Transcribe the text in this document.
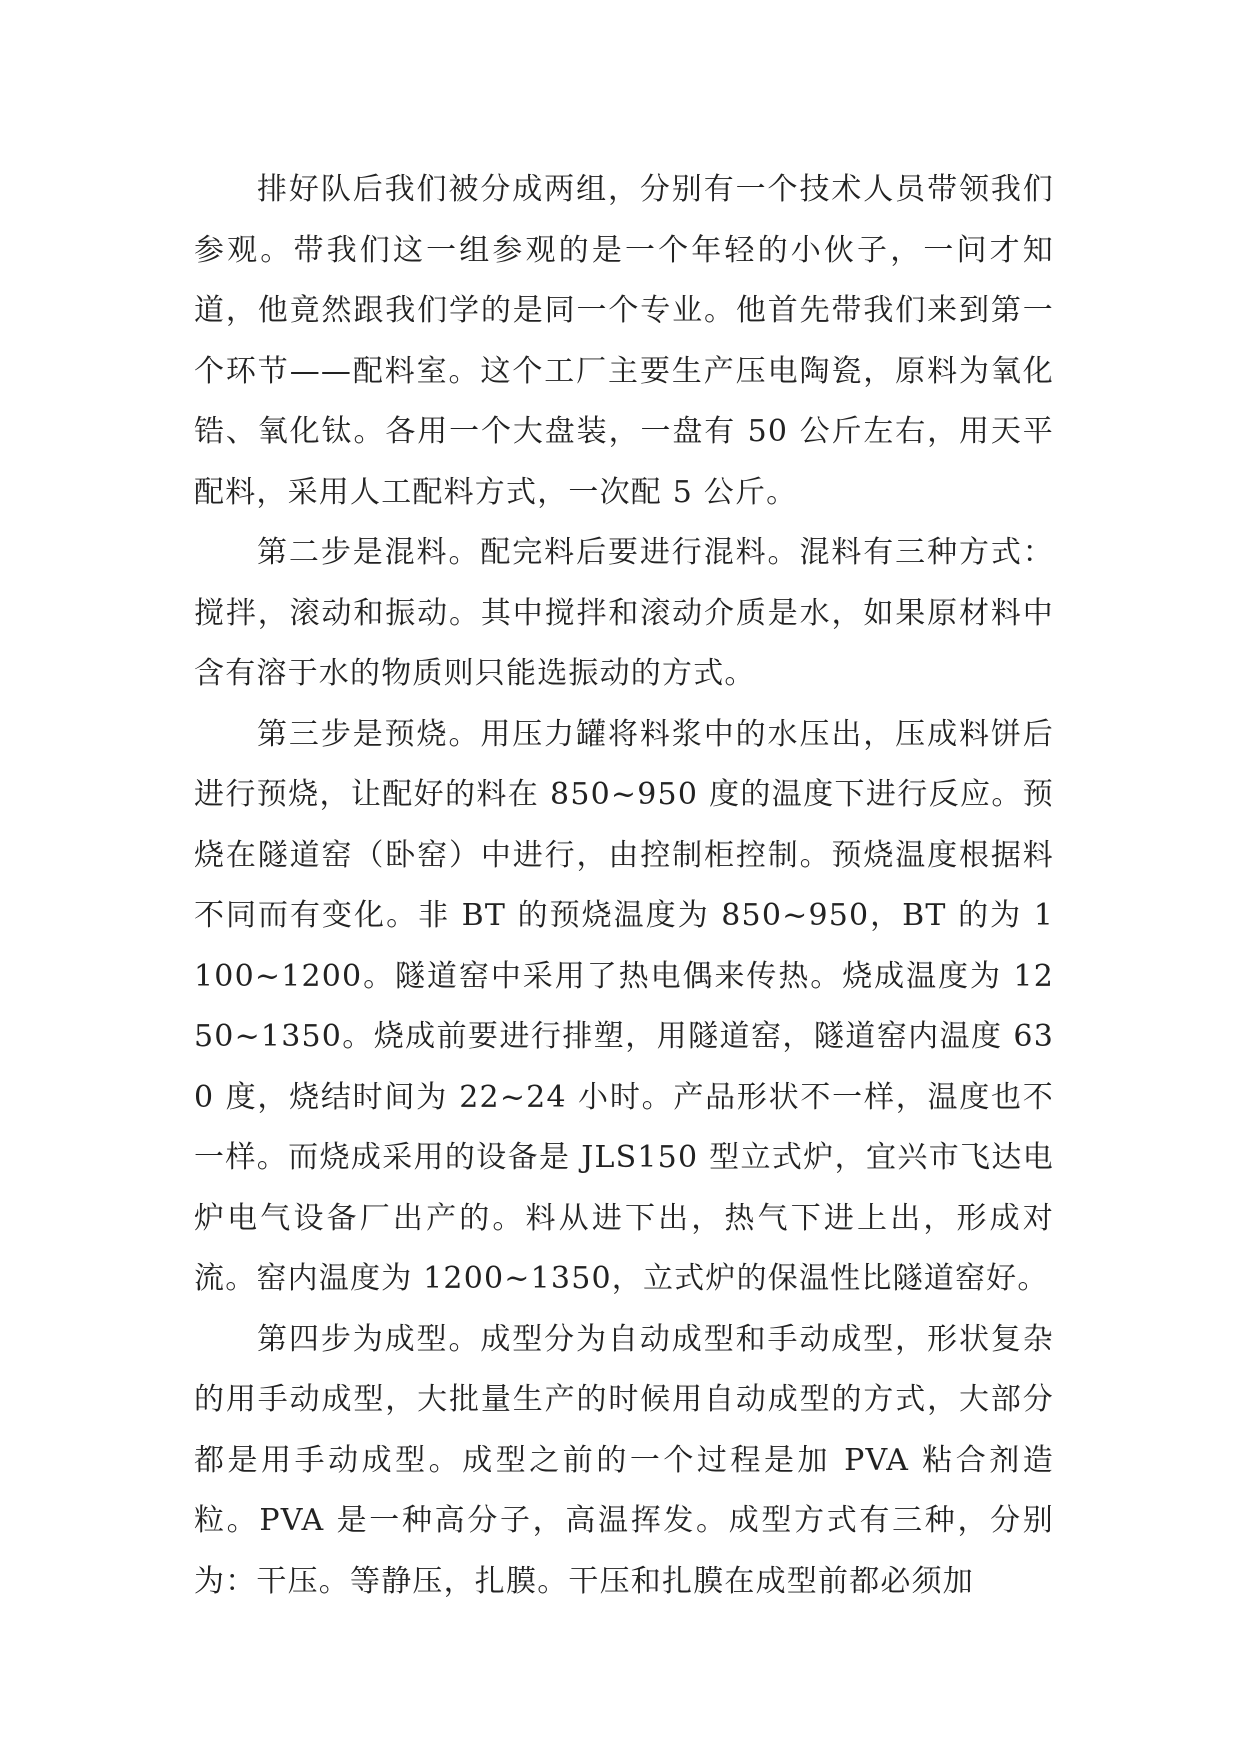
排好队后我们被分成两组，分别有一个技术人员带领我们参观。带我们这一组参观的是一个年轻的小伙子，一问才知道，他竟然跟我们学的是同一个专业。他首先带我们来到第一个环节——配料室。这个工厂主要生产压电陶瓷，原料为氧化锆、氧化钛。各用一个大盘装，一盘有 50 公斤左右，用天平配料，采用人工配料方式，一次配 5 公斤。

第二步是混料。配完料后要进行混料。混料有三种方式：搅拌，滚动和振动。其中搅拌和滚动介质是水，如果原材料中含有溶于水的物质则只能选振动的方式。

第三步是预烧。用压力罐将料浆中的水压出，压成料饼后进行预烧，让配好的料在 850~950 度的温度下进行反应。预烧在隧道窑（卧窑）中进行，由控制柜控制。预烧温度根据料不同而有变化。非 BT 的预烧温度为 850~950，BT 的为 1100~1200。隧道窑中采用了热电偶来传热。烧成温度为 1250~1350。烧成前要进行排塑，用隧道窑，隧道窑内温度 630 度，烧结时间为 22~24 小时。产品形状不一样，温度也不一样。而烧成采用的设备是 JLS150 型立式炉，宜兴市飞达电炉电气设备厂出产的。料从进下出，热气下进上出，形成对流。窑内温度为 1200~1350，立式炉的保温性比隧道窑好。

第四步为成型。成型分为自动成型和手动成型，形状复杂的用手动成型，大批量生产的时候用自动成型的方式，大部分都是用手动成型。成型之前的一个过程是加 PVA 粘合剂造粒。PVA 是一种高分子，高温挥发。成型方式有三种，分别为：干压。等静压，扎膜。干压和扎膜在成型前都必须加
